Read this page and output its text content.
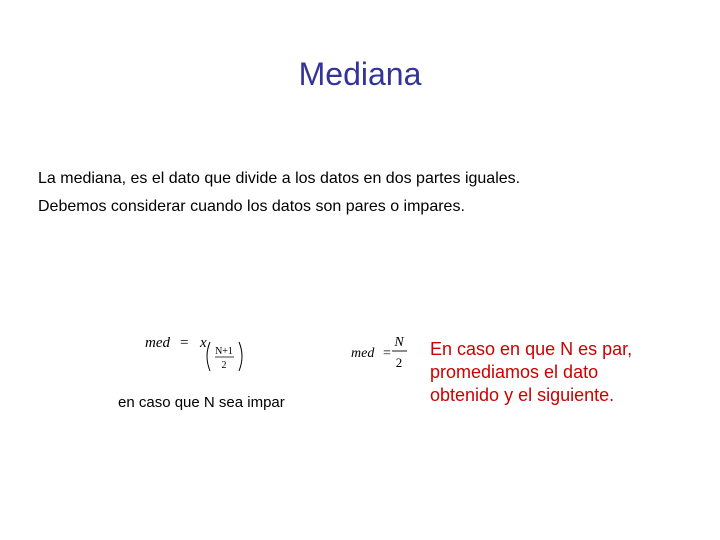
Mediana
La mediana, es el dato que divide a los datos en dos partes iguales.
Debemos considerar cuando los datos son pares o impares.
med = x
N+1
2
med =
N
2
en caso que N sea impar
En caso en que N es par,
promediamos el dato
obtenido y el siguiente.
